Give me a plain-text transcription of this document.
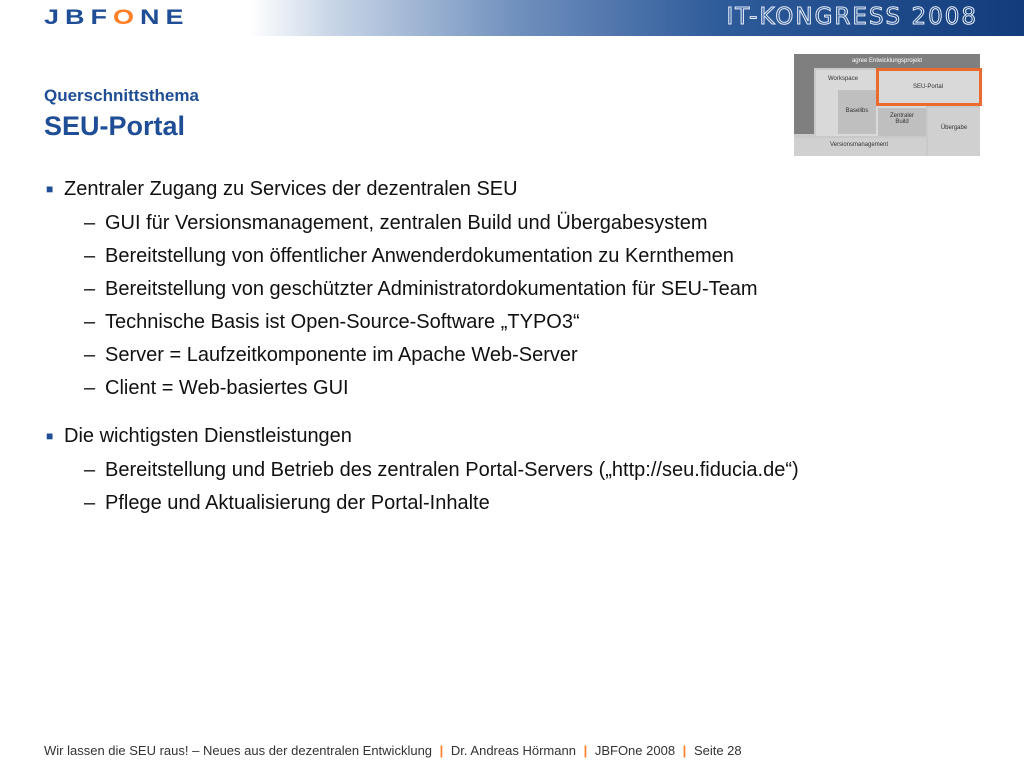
JBFONE	IT-KONGRESS 2008
Querschnittsthema
SEU-Portal
agree Entwicklungsprojekt
Workspace
Baselibs
Zentraler
Build
Übergabe
SEU-Portal
Versionsmanagement
■ Zentraler Zugang zu Services der dezentralen SEU
– GUI für Versionsmanagement, zentralen Build und Übergabesystem
– Bereitstellung von öffentlicher Anwenderdokumentation zu Kernthemen
– Bereitstellung von geschützter Administratordokumentation für SEU-Team
– Technische Basis ist Open-Source-Software „TYPO3“
– Server = Laufzeitkomponente im Apache Web-Server
– Client = Web-basiertes GUI
■ Die wichtigsten Dienstleistungen
– Bereitstellung und Betrieb des zentralen Portal-Servers („http://seu.fiducia.de“)
– Pflege und Aktualisierung der Portal-Inhalte
Wir lassen die SEU raus! – Neues aus der dezentralen Entwicklung | Dr. Andreas Hörmann | JBFOne 2008 | Seite 28
